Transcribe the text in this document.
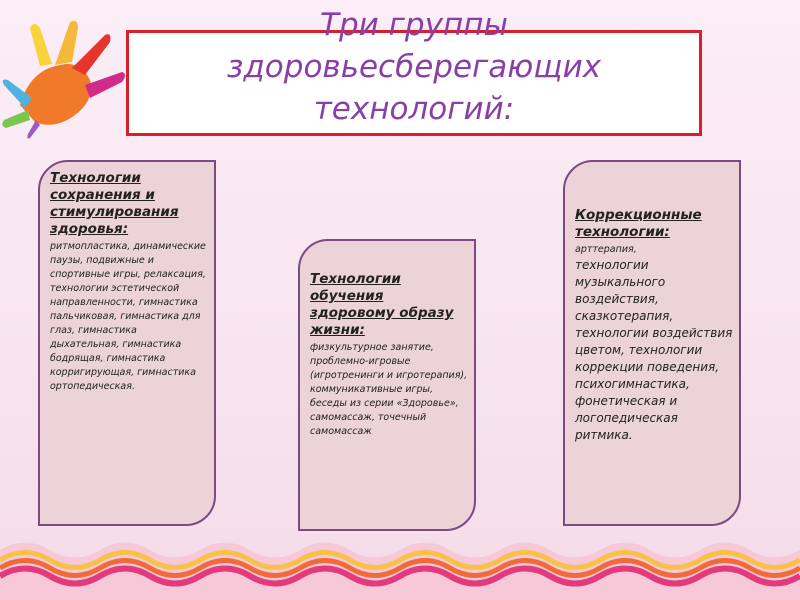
Три группы
здоровьесберегающих
технологий:
Технологии сохранения и стимулирования здоровья:
ритмопластика, динамические паузы, подвижные и спортивные игры, релаксация, технологии эстетической направленности, гимнастика пальчиковая, гимнастика для глаз, гимнастика дыхательная, гимнастика бодрящая, гимнастика корригирующая, гимнастика ортопедическая.
Технологии обучения здоровому образу жизни:
физкультурное занятие, проблемно-игровые (игротренинги и игротерапия), коммуникативные игры, беседы из серии «Здоровье», самомассаж, точечный самомассаж
Коррекционные технологии:
арттерапия,
технологии музыкального воздействия, сказкотерапия, технологии воздействия цветом, технологии коррекции поведения, психогимнастика, фонетическая и логопедическая ритмика.
